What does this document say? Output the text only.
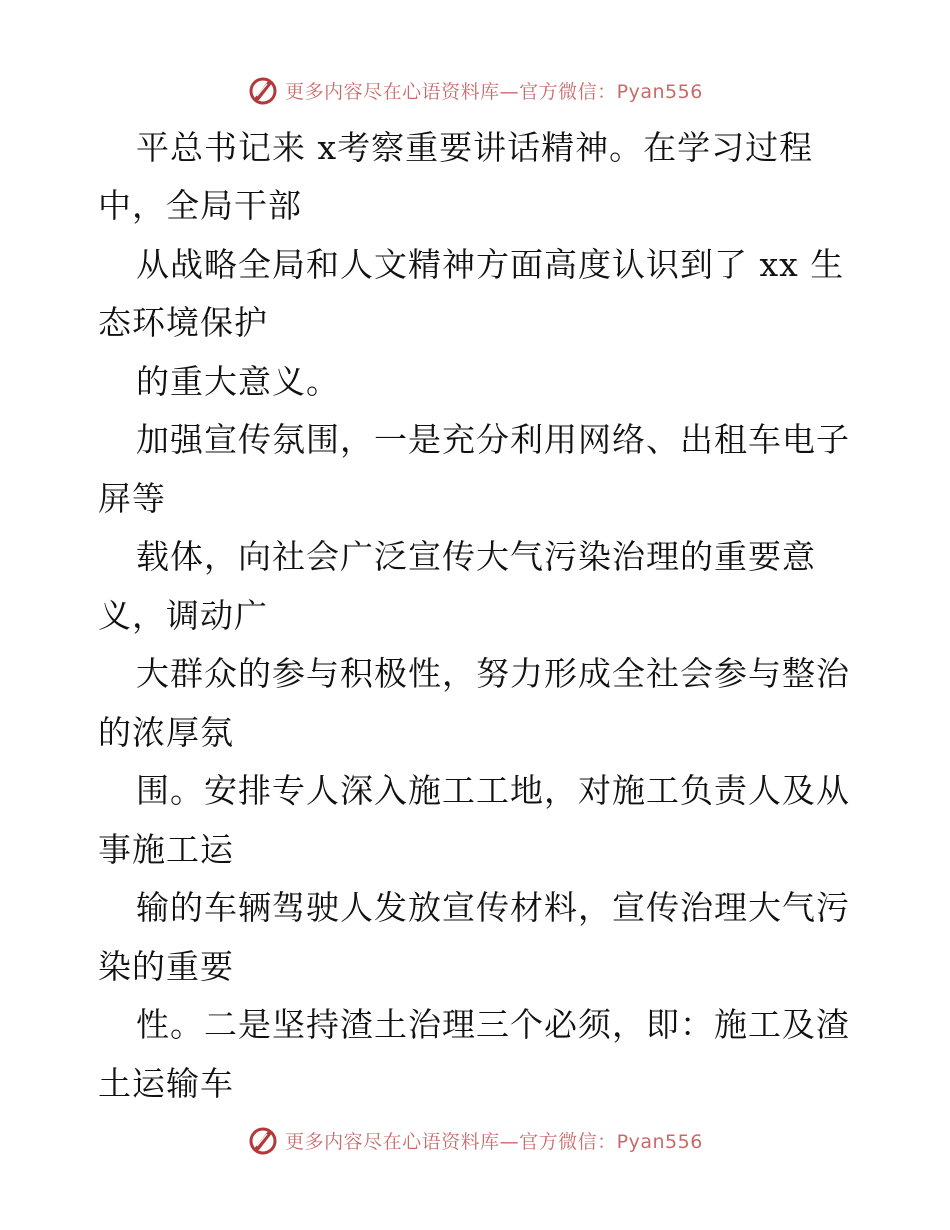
更多内容尽在心语资料库—官方微信：Pyan556
平总书记来 x考察重要讲话精神。在学习过程
中，全局干部
从战略全局和人文精神方面高度认识到了 xx 生
态环境保护
的重大意义。
加强宣传氛围，一是充分利用网络、出租车电子
屏等
载体，向社会广泛宣传大气污染治理的重要意
义，调动广
大群众的参与积极性，努力形成全社会参与整治
的浓厚氛
围。安排专人深入施工工地，对施工负责人及从
事施工运
输的车辆驾驶人发放宣传材料，宣传治理大气污
染的重要
性。二是坚持渣土治理三个必须，即：施工及渣
土运输车
更多内容尽在心语资料库—官方微信：Pyan556
